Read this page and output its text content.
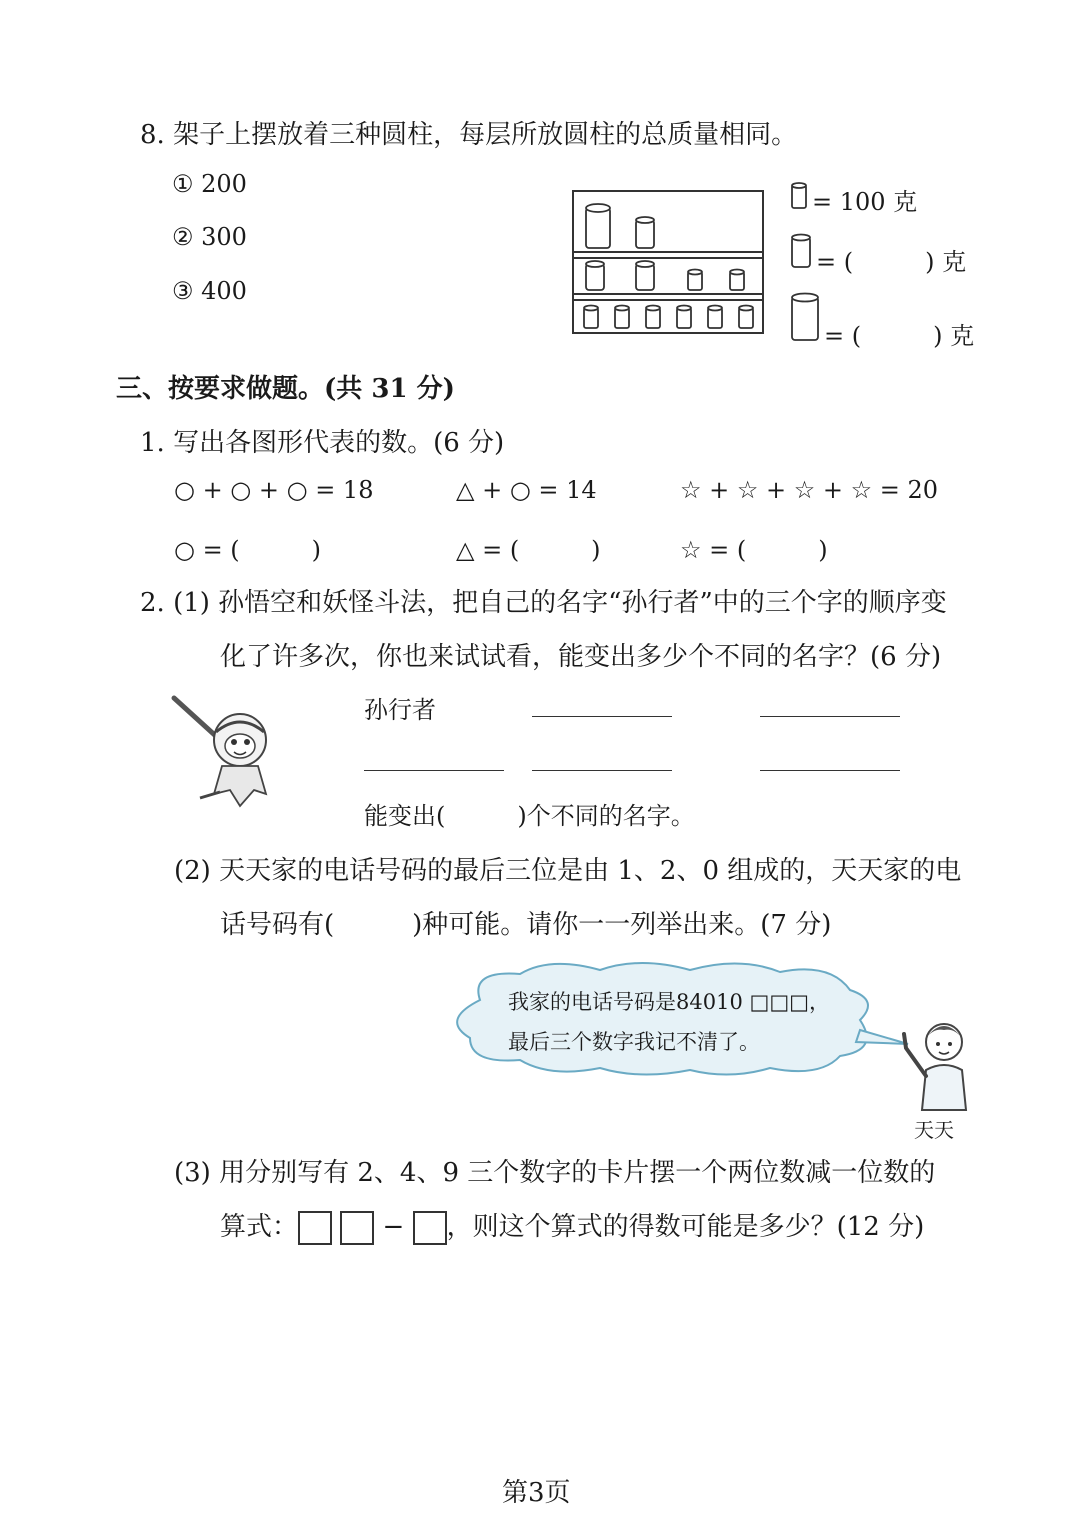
8. 架子上摆放着三种圆柱，每层所放圆柱的总质量相同。
① 200
② 300
③ 400
= 100 克
= (　　　) 克
= (　　　) 克
三、按要求做题。(共 31 分)
1. 写出各图形代表的数。(6 分)
○ + ○ + ○ = 18	△ + ○ = 14	☆ + ☆ + ☆ + ☆ = 20
○ = (　　　)	△ = (　　　)	☆ = (　　　)
2. (1) 孙悟空和妖怪斗法，把自己的名字“孙行者”中的三个字的顺序变
化了许多次，你也来试试看，能变出多少个不同的名字？(6 分)
孙行者
能变出(　　　)个不同的名字。
(2) 天天家的电话号码的最后三位是由 1、2、0 组成的，天天家的电
话号码有(　　　)种可能。请你一一列举出来。(7 分)
我家的电话号码是84010 □□□，
最后三个数字我记不清了。
天天
(3) 用分别写有 2、4、9 三个数字的卡片摆一个两位数减一位数的
算式：	− ，则这个算式的得数可能是多少？(12 分)
第3页
